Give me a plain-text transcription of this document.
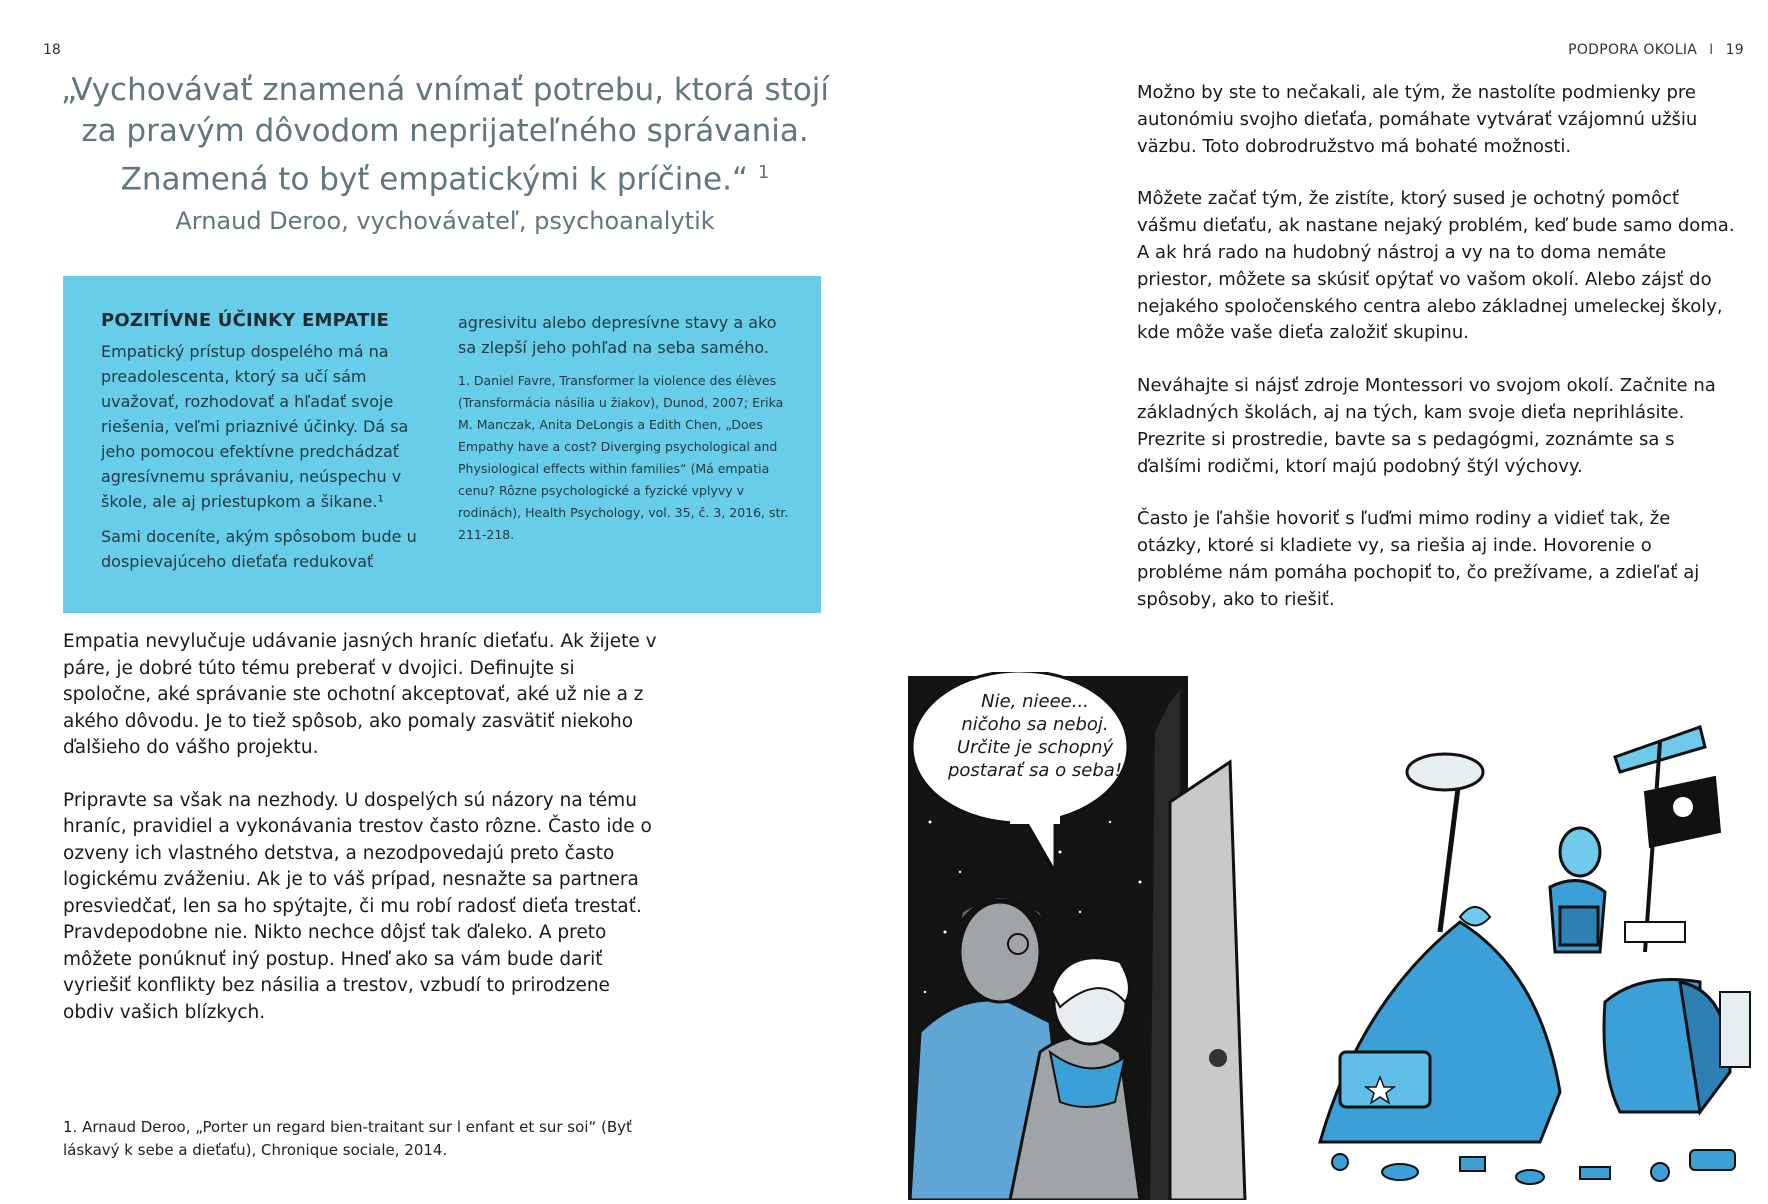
18	PODPORA OKOLIA I 19

„Vychovávať znamená vnímať potrebu, ktorá stojí
za pravým dôvodom neprijateľného správania.
Znamená to byť empatickými k príčine.“ $^1$

Arnaud Deroo, vychovávateľ, psychoanalytik
POZITÍVNE ÚČINKY EMPATIE

Empatický prístup dospelého má na preadolescenta, ktorý sa učí sám uvažovať, rozhodovať a hľadať svoje riešenia, veľmi priaznivé účinky. Dá sa jeho pomocou efektívne predchádzať agresívnemu správaniu, neúspechu v škole, ale aj priestupkom a šikane.¹

Sami doceníte, akým spôsobom bude u dospievajúceho dieťaťa redukovať

agresivitu alebo depresívne stavy a ako sa zlepší jeho pohľad na seba samého.

1. Daniel Favre, Transformer la violence des élèves (Transformácia násilia u žiakov), Dunod, 2007; Erika M. Manczak, Anita DeLongis a Edith Chen, „Does Empathy have a cost? Diverging psychological and Physiological effects within families“ (Má empatia cenu? Rôzne psychologické a fyzické vplyvy v rodinách), Health Psychology, vol. 35, č. 3, 2016, str. 211-218.

Empatia nevylučuje udávanie jasných hraníc dieťaťu. Ak žijete v páre, je dobré túto tému preberať v dvojici. Definujte si spoločne, aké správanie ste ochotní akceptovať, aké už nie a z akého dôvodu. Je to tiež spôsob, ako pomaly zasvätiť niekoho ďalšieho do vášho projektu.

Pripravte sa však na nezhody. U dospelých sú názory na tému hraníc, pravidiel a vykonávania trestov často rôzne. Často ide o ozveny ich vlastného detstva, a nezodpovedajú preto často logickému zváženiu. Ak je to váš prípad, nesnažte sa partnera presviedčať, len sa ho spýtajte, či mu robí radosť dieťa trestať. Pravdepodobne nie. Nikto nechce dôjsť tak ďaleko. A preto môžete ponúknuť iný postup. Hneď ako sa vám bude dariť vyriešiť konflikty bez násilia a trestov, vzbudí to prirodzene obdiv vašich blízkych.

1. Arnaud Deroo, „Porter un regard bien-traitant sur l enfant et sur soi“ (Byť láskavý k sebe a dieťaťu), Chronique sociale, 2014.

Možno by ste to nečakali, ale tým, že nastolíte podmienky pre autonómiu svojho dieťaťa, pomáhate vytvárať vzájomnú užšiu väzbu. Toto dobrodružstvo má bohaté možnosti.

Môžete začať tým, že zistíte, ktorý sused je ochotný pomôcť vášmu dieťaťu, ak nastane nejaký problém, keď bude samo doma. A ak hrá rado na hudobný nástroj a vy na to doma nemáte priestor, môžete sa skúsiť opýtať vo vašom okolí. Alebo zájsť do nejakého spoločenského centra alebo základnej umeleckej školy, kde môže vaše dieťa založiť skupinu.

Neváhajte si nájsť zdroje Montessori vo svojom okolí. Začnite na základných školách, aj na tých, kam svoje dieťa neprihlásite. Prezrite si prostredie, bavte sa s pedagógmi, zoznámte sa s ďalšími rodičmi, ktorí majú podobný štýl výchovy.

Často je ľahšie hovoriť s ľuďmi mimo rodiny a vidieť tak, že otázky, ktoré si kladiete vy, sa riešia aj inde. Hovorenie o probléme nám pomáha pochopiť to, čo prežívame, a zdieľať aj spôsoby, ako to riešiť.

Nie, nieee...
ničoho sa neboj.
Určite je schopný
postarať sa o seba!
